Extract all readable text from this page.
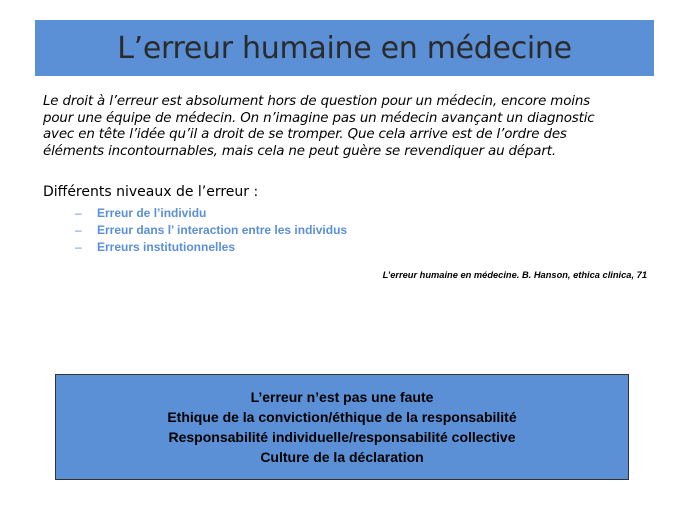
L’erreur humaine en médecine

Le droit à l’erreur est absolument hors de question pour un médecin, encore moins

pour une équipe de médecin. On n’imagine pas un médecin avançant un diagnostic

avec en tête l’idée qu’il a droit de se tromper. Que cela arrive est de l’ordre des

éléments incontournables, mais cela ne peut guère se revendiquer au départ.

Différents niveaux de l’erreur :
–	Erreur de l’individu
–	Erreur dans l’ interaction entre les individus
–	Erreurs institutionnelles
L’erreur humaine en médecine. B. Hanson, ethica clinica, 71
L’erreur n’est pas une faute
Ethique de la conviction/éthique de la responsabilité
Responsabilité individuelle/responsabilité collective
Culture de la déclaration
